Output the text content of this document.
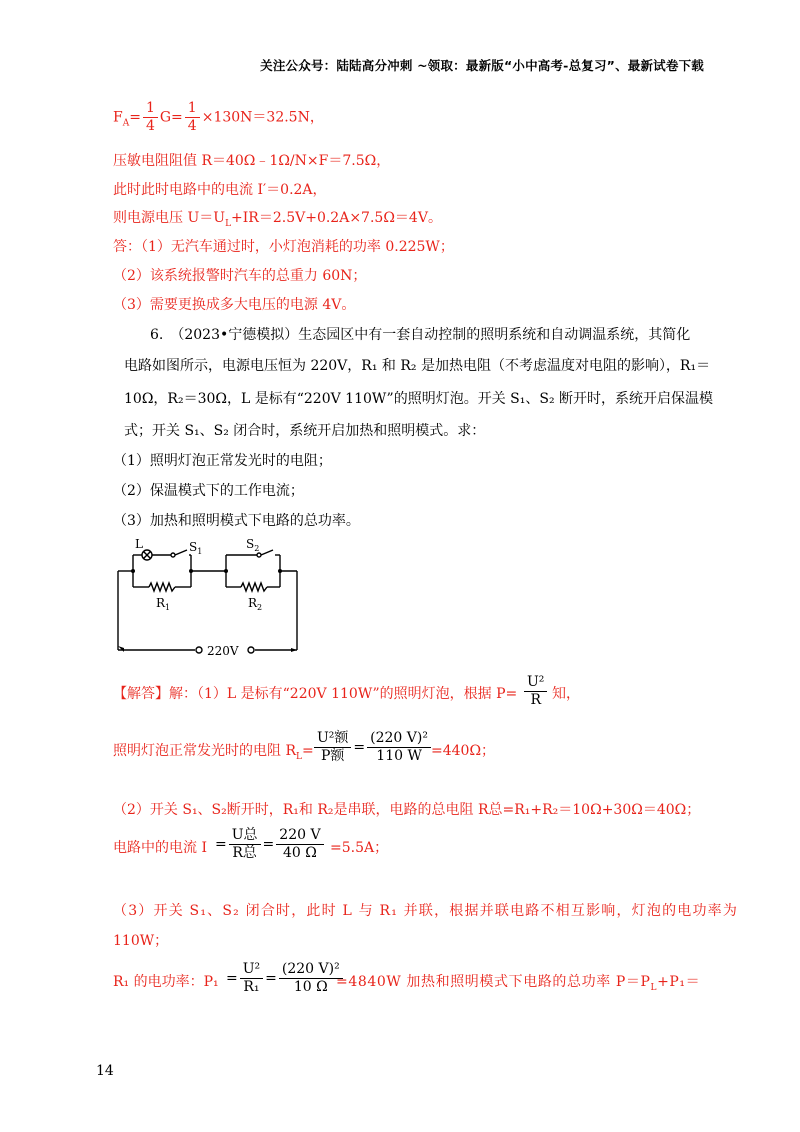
关注公众号：陆陆高分冲刺 ~领取：最新版“小中高考-总复习”、最新试卷下载
$F_A= \frac{1}{4} G= \frac{1}{4} \times 130N=32.5N$，
压敏电阻阻值 R＝40Ω﹣1Ω/N×F＝7.5Ω，
此时此时电路中的电流 I′＝0.2A，
则电源电压 $U=U_L+IR=2.5V+0.2A\times 7.5\Omega=4V$。
答：（1）无汽车通过时，小灯泡消耗的功率 0.225W；
（2）该系统报警时汽车的总重力 60N；
（3）需要更换成多大电压的电源 4V。
6.　（2023•宁德模拟）生态园区中有一套自动控制的照明系统和自动调温系统，其简化
电路如图所示，电源电压恒为 220V，R₁ 和 R₂ 是加热电阻（不考虑温度对电阻的影响），R₁＝
10Ω，R₂＝30Ω，L 是标有“220V 110W”的照明灯泡。开关 S₁、S₂ 断开时，系统开启保温模
式；开关 S₁、S₂ 闭合时，系统开启加热和照明模式。求：
（1）照明灯泡正常发光时的电阻；
（2）保温模式下的工作电流；
（3）加热和照明模式下电路的总功率。
L	$S_1$
$S_2$
$R_1$	$R_2$
220V
【解答】解：（1）L 是标有“220V 110W”的照明灯泡，根据 $P= \frac{\text{U²}}{R}$ 知，
照明灯泡正常发光时的电阻 $R_L=$
U²额
P额
= $\frac{\text{(220 V)²}}{110 W} =440\Omega$；
（2）开关 S₁、S₂断开时，R₁和 R₂是串联，电路的总电阻 R总=R₁+R₂＝10Ω+30Ω＝40Ω；
电路中的电流 I =
U总
R总
= $\frac{220 V}{40 \Omega} =5.5A$；
（3）开关 S₁、S₂ 闭合时，此时 L 与 R₁ 并联，根据并联电路不相互影响，灯泡的电功率为
110W；
R₁ 的电功率：$P_1 = \frac{\text{U²}}{\text{R₁}} = \frac{\text{(220 V)²}}{10 \Omega}$
=4840W 加热和照明模式下电路的总功率 $P=P_L+P_1=$
14
